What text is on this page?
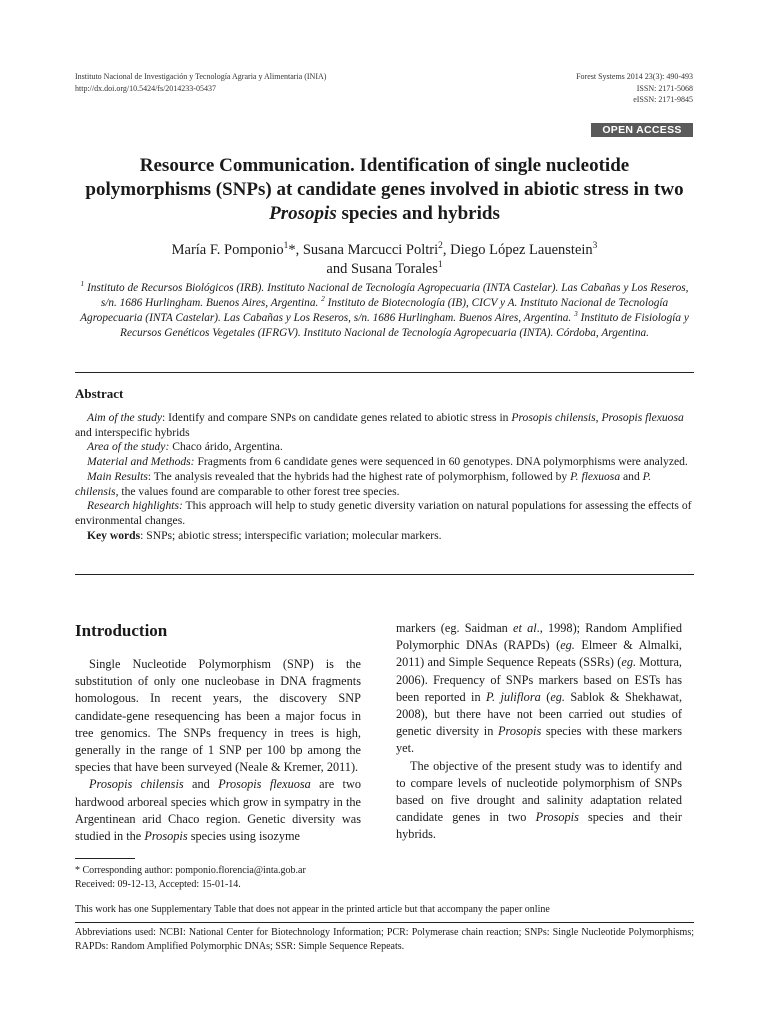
Instituto Nacional de Investigación y Tecnología Agraria y Alimentaria (INIA)
http://dx.doi.org/10.5424/fs/2014233-05437
Forest Systems 2014 23(3): 490-493
ISSN: 2171-5068
eISSN: 2171-9845
OPEN ACCESS
Resource Communication. Identification of single nucleotide polymorphisms (SNPs) at candidate genes involved in abiotic stress in two Prosopis species and hybrids
María F. Pomponio$^1$*, Susana Marcucci Poltri$^2$, Diego López Lauenstein$^3$
and Susana Torales$^1$
$^1$ Instituto de Recursos Biológicos (IRB). Instituto Nacional de Tecnología Agropecuaria (INTA Castelar). Las Cabañas y Los Reseros, s/n. 1686 Hurlingham. Buenos Aires, Argentina. $^2$ Instituto de Biotecnología (IB), CICV y A. Instituto Nacional de Tecnología Agropecuaria (INTA Castelar). Las Cabañas y Los Reseros, s/n. 1686 Hurlingham. Buenos Aires, Argentina. $^3$ Instituto de Fisiología y Recursos Genéticos Vegetales (IFRGV). Instituto Nacional de Tecnología Agropecuaria (INTA). Córdoba, Argentina.
Abstract

Aim of the study: Identify and compare SNPs on candidate genes related to abiotic stress in Prosopis chilensis, Prosopis flexuosa and interspecific hybrids

Area of the study: Chaco árido, Argentina.

Material and Methods: Fragments from 6 candidate genes were sequenced in 60 genotypes. DNA polymorphisms were analyzed.

Main Results: The analysis revealed that the hybrids had the highest rate of polymorphism, followed by P. flexuosa and P. chilensis, the values found are comparable to other forest tree species.

Research highlights: This approach will help to study genetic diversity variation on natural populations for assessing the effects of environmental changes.

Key words: SNPs; abiotic stress; interspecific variation; molecular markers.

Introduction

Single Nucleotide Polymorphism (SNP) is the substitution of only one nucleobase in DNA fragments homologous. In recent years, the discovery SNP candidate-gene resequencing has been a major focus in tree genomics. The SNPs frequency in trees is high, generally in the range of 1 SNP per 100 bp among the species that have been surveyed (Neale & Kremer, 2011).

Prosopis chilensis and Prosopis flexuosa are two hardwood arboreal species which grow in sympatry in the Argentinean arid Chaco region. Genetic diversity was studied in the Prosopis species using isozyme

markers (eg. Saidman et al., 1998); Random Amplified Polymorphic DNAs (RAPDs) (eg. Elmeer & Almalki, 2011) and Simple Sequence Repeats (SSRs) (eg. Mottura, 2006). Frequency of SNPs markers based on ESTs has been reported in P. juliflora (eg. Sablok & Shekhawat, 2008), but there have not been carried out studies of genetic diversity in Prosopis species with these markers yet.

The objective of the present study was to identify and to compare levels of nucleotide polymorphism of SNPs based on five drought and salinity adaptation related candidate genes in two Prosopis species and their hybrids.

* Corresponding author: pomponio.florencia@inta.gob.ar
Received: 09-12-13, Accepted: 15-01-14.
This work has one Supplementary Table that does not appear in the printed article but that accompany the paper online
Abbreviations used: NCBI: National Center for Biotechnology Information; PCR: Polymerase chain reaction; SNPs: Single Nucleotide Polymorphisms; RAPDs: Random Amplified Polymorphic DNAs; SSR: Simple Sequence Repeats.
